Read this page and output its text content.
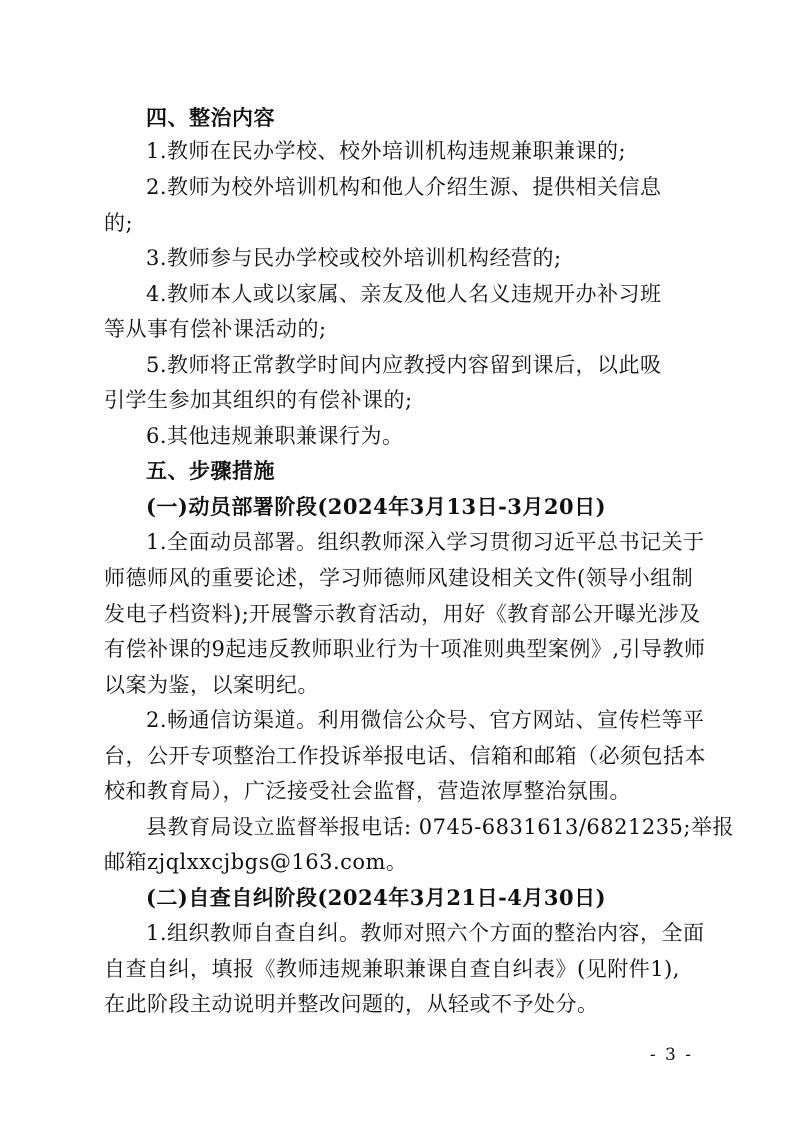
四、整治内容
1.教师在民办学校、校外培训机构违规兼职兼课的;
2.教师为校外培训机构和他人介绍生源、提供相关信息
的;
3.教师参与民办学校或校外培训机构经营的;
4.教师本人或以家属、亲友及他人名义违规开办补习班
等从事有偿补课活动的;
5.教师将正常教学时间内应教授内容留到课后，以此吸
引学生参加其组织的有偿补课的;
6.其他违规兼职兼课行为。
五、步骤措施
(一)动员部署阶段(2024年3月13日-3月20日)
1.全面动员部署。组织教师深入学习贯彻习近平总书记关于
师德师风的重要论述，学习师德师风建设相关文件(领导小组制
发电子档资料);开展警示教育活动，用好《教育部公开曝光涉及
有偿补课的9起违反教师职业行为十项准则典型案例》,引导教师
以案为鉴，以案明纪。
2.畅通信访渠道。利用微信公众号、官方网站、宣传栏等平
台，公开专项整治工作投诉举报电话、信箱和邮箱（必须包括本
校和教育局），广泛接受社会监督，营造浓厚整治氛围。
县教育局设立监督举报电话: 0745-6831613/6821235;举报
邮箱zjqlxxcjbgs@163.com。
(二)自查自纠阶段(2024年3月21日-4月30日)
1.组织教师自查自纠。教师对照六个方面的整治内容，全面
自查自纠，填报《教师违规兼职兼课自查自纠表》(见附件1),
在此阶段主动说明并整改问题的，从轻或不予处分。
- 3 -
